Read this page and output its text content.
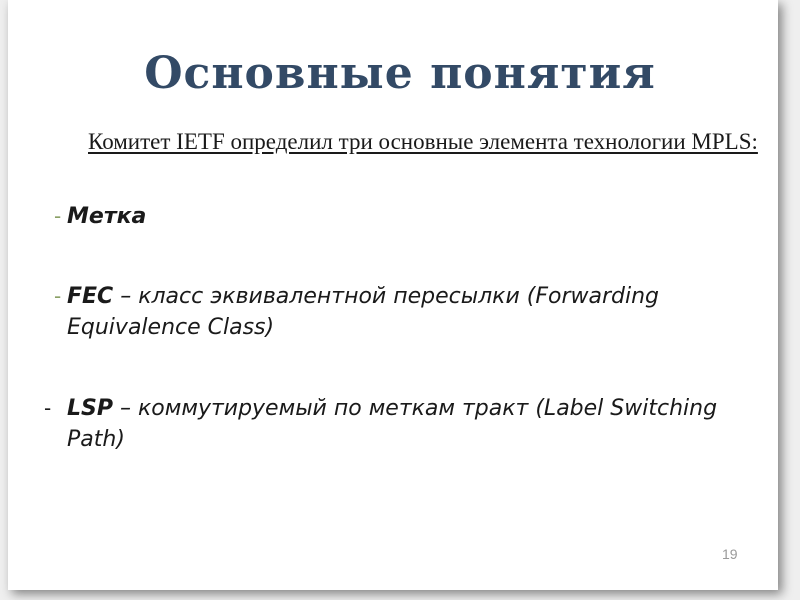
Основные понятия
Комитет IETF определил три основные элемента технологии MPLS:
- Метка
- FEC – класс эквивалентной пересылки (Forwarding Equivalence Class)
- LSP – коммутируемый по меткам тракт (Label Switching Path)
19
